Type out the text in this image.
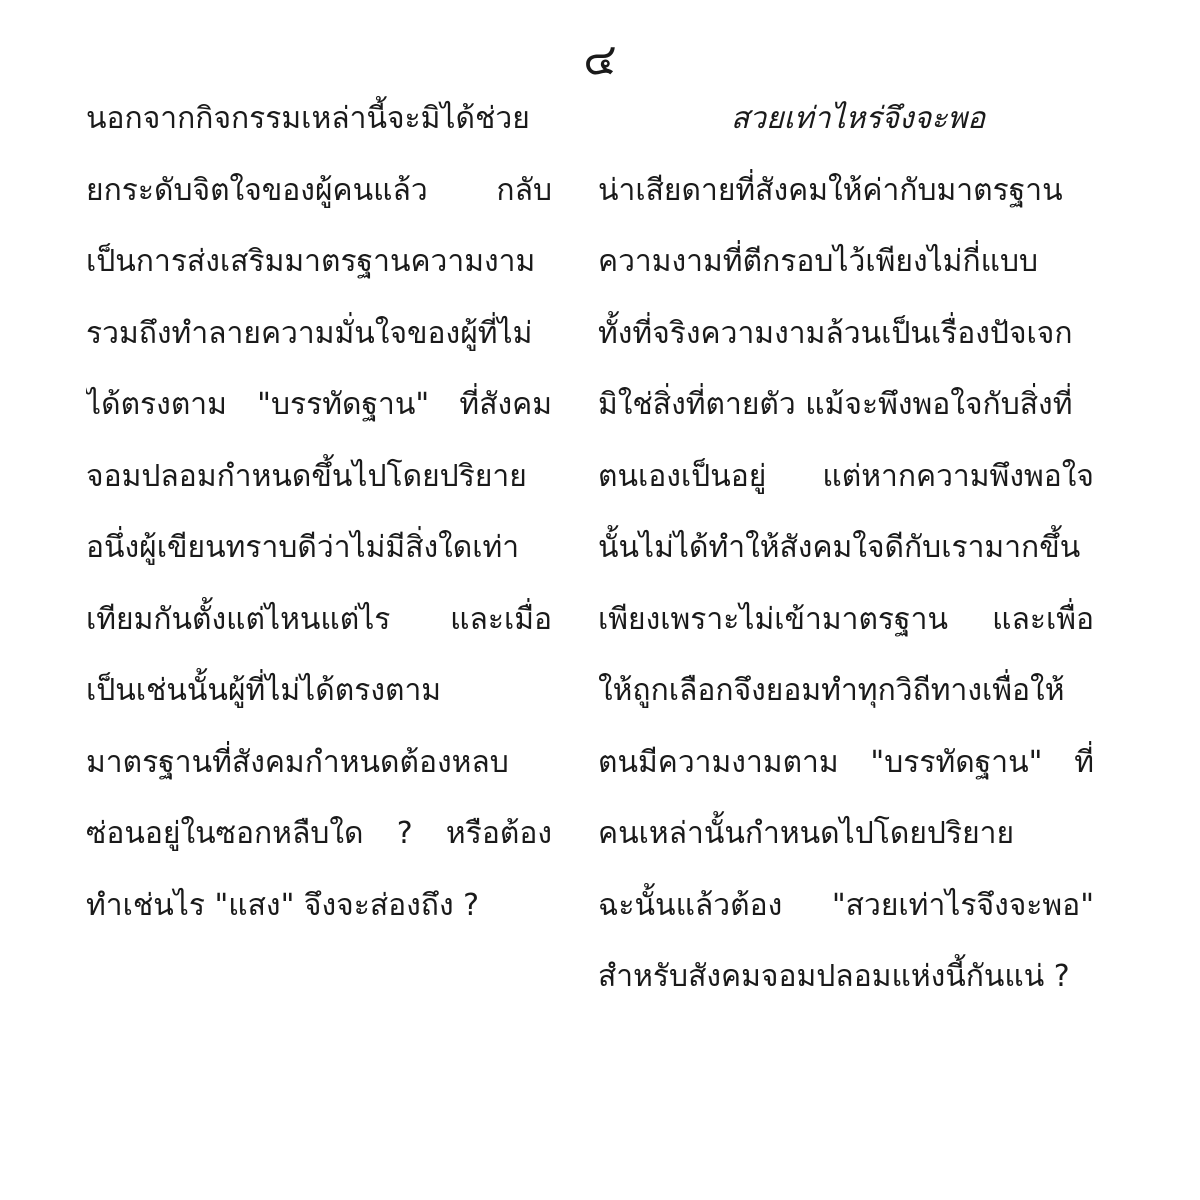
๔
นอกจากกิจกรรมเหล่านี้จะมิได้ช่วย
ยกระดับจิตใจของผู้คนแล้ว กลับ
เป็นการส่งเสริมมาตรฐานความงาม
รวมถึงทำลายความมั่นใจของผู้ที่ไม่
ได้ตรงตาม "บรรทัดฐาน" ที่สังคม
จอมปลอมกำหนดขึ้นไปโดยปริยาย
อนึ่งผู้เขียนทราบดีว่าไม่มีสิ่งใดเท่า
เทียมกันตั้งแต่ไหนแต่ไร และเมื่อ
เป็นเช่นนั้นผู้ที่ไม่ได้ตรงตาม
มาตรฐานที่สังคมกำหนดต้องหลบ
ซ่อนอยู่ในซอกหลืบใด ? หรือต้อง
ทำเช่นไร "แสง" จึงจะส่องถึง ?
สวยเท่าไหร่จึงจะพอ
น่าเสียดายที่สังคมให้ค่ากับมาตรฐาน
ความงามที่ตีกรอบไว้เพียงไม่กี่แบบ
ทั้งที่จริงความงามล้วนเป็นเรื่องปัจเจก
มิใช่สิ่งที่ตายตัว แม้จะพึงพอใจกับสิ่งที่
ตนเองเป็นอยู่ แต่หากความพึงพอใจ
นั้นไม่ได้ทำให้สังคมใจดีกับเรามากขึ้น
เพียงเพราะไม่เข้ามาตรฐาน และเพื่อ
ให้ถูกเลือกจึงยอมทำทุกวิถีทางเพื่อให้
ตนมีความงามตาม "บรรทัดฐาน" ที่
คนเหล่านั้นกำหนดไปโดยปริยาย
ฉะนั้นแล้วต้อง "สวยเท่าไรจึงจะพอ"
สำหรับสังคมจอมปลอมแห่งนี้กันแน่ ?
